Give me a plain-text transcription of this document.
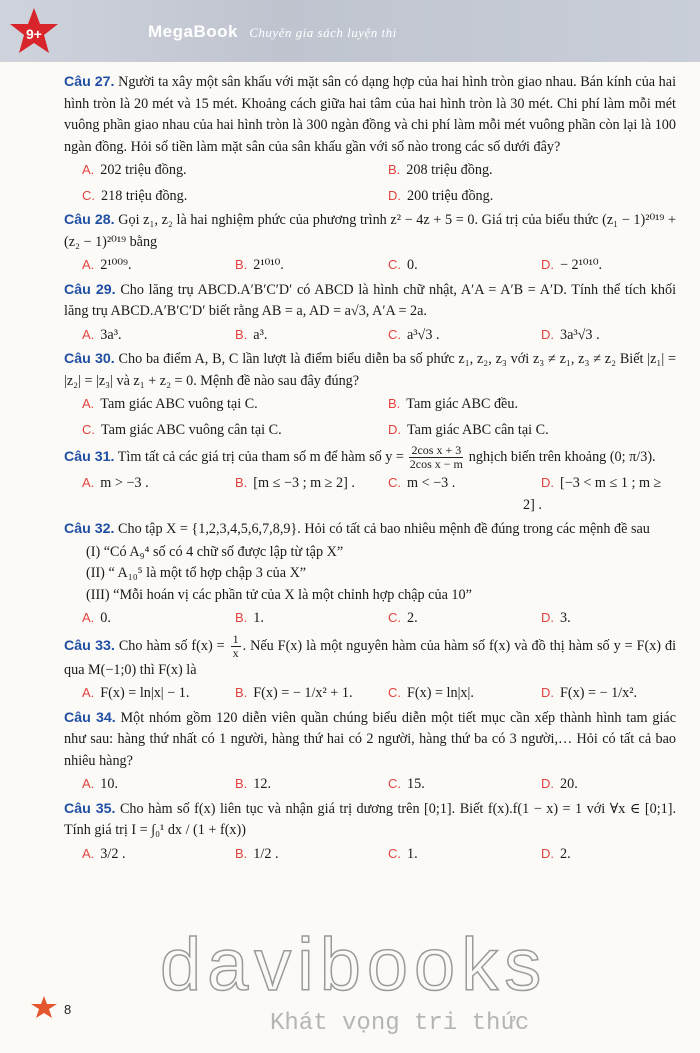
9+	MegaBook Chuyên gia sách luyện thi

Câu 27. Người ta xây một sân khấu với mặt sân có dạng hợp của hai hình tròn giao nhau. Bán kính của hai hình tròn là 20 mét và 15 mét. Khoảng cách giữa hai tâm của hai hình tròn là 30 mét. Chi phí làm mỗi mét vuông phần giao nhau của hai hình tròn là 300 ngàn đồng và chi phí làm mỗi mét vuông phần còn lại là 100 ngàn đồng. Hỏi số tiền làm mặt sân của sân khấu gần với số nào trong các số dưới đây?

A. 202 triệu đồng.	B. 208 triệu đồng.
C. 218 triệu đồng.	D. 200 triệu đồng.

Câu 28. Gọi z₁, z₂ là hai nghiệm phức của phương trình z² − 4z + 5 = 0. Giá trị của biểu thức (z₁ − 1)²⁰¹⁹ + (z₂ − 1)²⁰¹⁹ bằng

A. 2¹⁰⁰⁹.	B. 2¹⁰¹⁰.	C. 0.	D. − 2¹⁰¹⁰.

Câu 29. Cho lăng trụ ABCD.A′B′C′D′ có ABCD là hình chữ nhật, A′A = A′B = A′D. Tính thể tích khối lăng trụ ABCD.A′B′C′D′ biết rằng AB = a, AD = a√3, A′A = 2a.

A. 3a³.	B. a³.	C. a³√3 .	D. 3a³√3 .

Câu 30. Cho ba điểm A, B, C lần lượt là điểm biểu diễn ba số phức z₁, z₂, z₃ với z₃ ≠ z₁, z₃ ≠ z₂ Biết |z₁| = |z₂| = |z₃| và z₁ + z₂ = 0. Mệnh đề nào sau đây đúng?

A. Tam giác ABC vuông tại C.	B. Tam giác ABC đều.
C. Tam giác ABC vuông cân tại C.	D. Tam giác ABC cân tại C.

Câu 31. Tìm tất cả các giá trị của tham số m để hàm số $y = \frac{\text{2cos x + 3}}{\text{2cos x − m}}$ nghịch biến trên khoảng (0; π/3).

A. m > −3 .	B. [m ≤ −3 ; m ≥ 2] .	C. m < −3 .	D. [−3 < m ≤ 1 ; m ≥ 2] .

Câu 32. Cho tập X = {1,2,3,4,5,6,7,8,9}. Hỏi có tất cả bao nhiêu mệnh đề đúng trong các mệnh đề sau

(I) “Có A₉⁴ số có 4 chữ số được lập từ tập X”

(II) “ A₁₀⁵ là một tổ hợp chập 3 của X”

(III) “Mỗi hoán vị các phần tử của X là một chỉnh hợp chập của 10”

A. 0.	B. 1.	C. 2.	D. 3.

Câu 33. Cho hàm số $f(x) = \frac{1}{x}$ . Nếu F(x) là một nguyên hàm của hàm số f(x) và đồ thị hàm số y = F(x) đi qua M(−1;0) thì F(x) là

A. F(x) = ln|x| − 1.	B. F(x) = − 1/x² + 1.	C. F(x) = ln|x|.	D. F(x) = − 1/x².

Câu 34. Một nhóm gồm 120 diễn viên quần chúng biểu diễn một tiết mục cần xếp thành hình tam giác như sau: hàng thứ nhất có 1 người, hàng thứ hai có 2 người, hàng thứ ba có 3 người,… Hỏi có tất cả bao nhiêu hàng?

A. 10.	B. 12.	C. 15.	D. 20.

Câu 35. Cho hàm số f(x) liên tục và nhận giá trị dương trên [0;1]. Biết f(x).f(1 − x) = 1 với ∀x ∈ [0;1]. Tính giá trị I = ∫₀¹ dx / (1 + f(x))

A. 3/2 .	B. 1/2 .	C. 1.	D. 2.
davibooks
Khát vọng tri thức
8
